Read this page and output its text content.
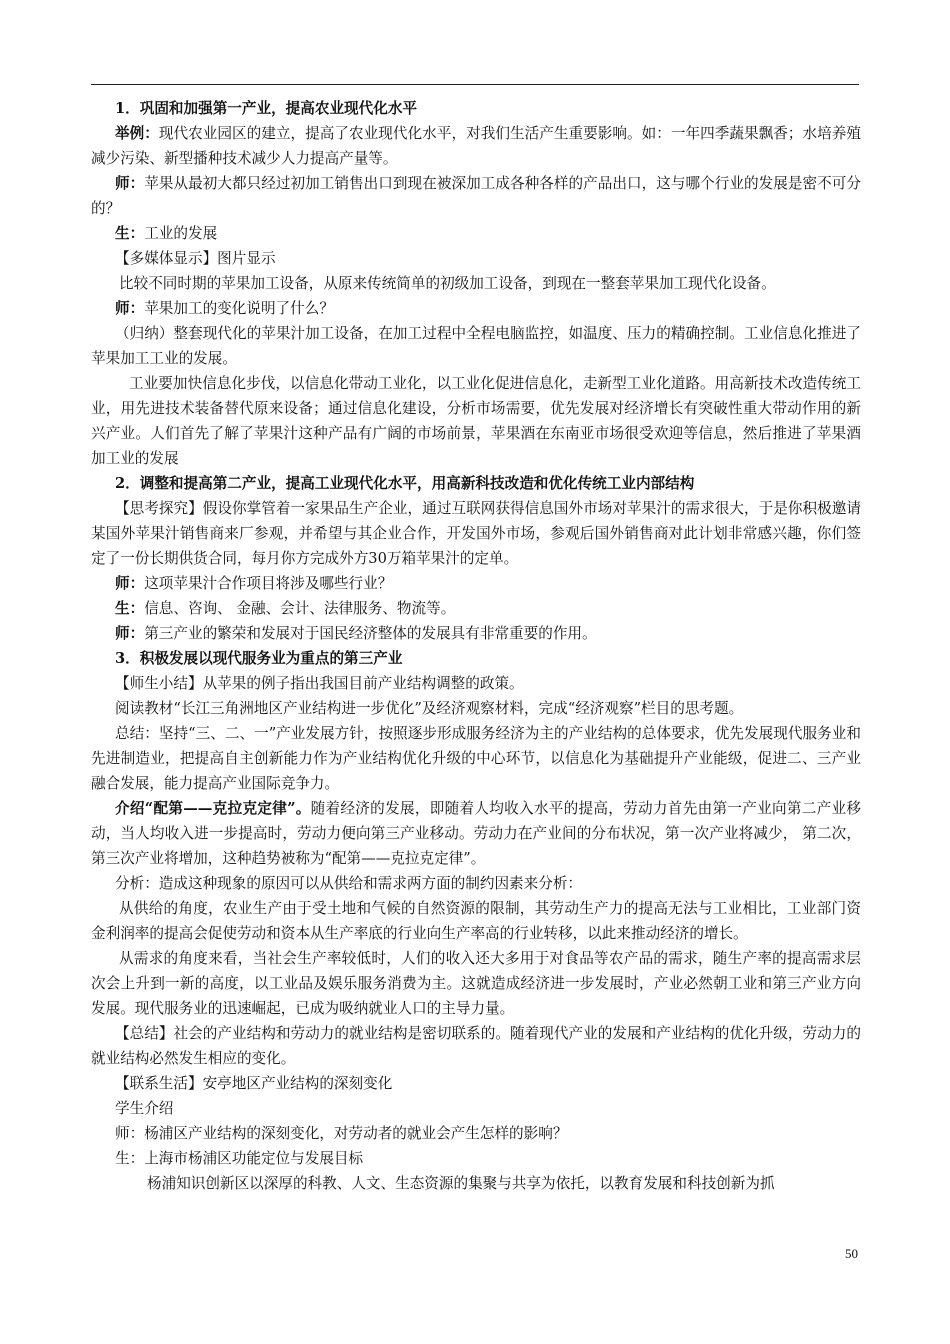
1．巩固和加强第一产业，提高农业现代化水平

举例：现代农业园区的建立，提高了农业现代化水平，对我们生活产生重要影响。如：一年四季蔬果飘香；水培养殖减少污染、新型播种技术减少人力提高产量等。

师：苹果从最初大都只经过初加工销售出口到现在被深加工成各种各样的产品出口，这与哪个行业的发展是密不可分的？

生：工业的发展

【多媒体显示】图片显示

比较不同时期的苹果加工设备，从原来传统简单的初级加工设备，到现在一整套苹果加工现代化设备。

师：苹果加工的变化说明了什么？

（归纳）整套现代化的苹果汁加工设备，在加工过程中全程电脑监控，如温度、压力的精确控制。工业信息化推进了苹果加工工业的发展。

工业要加快信息化步伐，以信息化带动工业化，以工业化促进信息化，走新型工业化道路。用高新技术改造传统工业，用先进技术装备替代原来设备；通过信息化建设，分析市场需要，优先发展对经济增长有突破性重大带动作用的新兴产业。人们首先了解了苹果汁这种产品有广阔的市场前景，苹果酒在东南亚市场很受欢迎等信息，然后推进了苹果酒加工业的发展

2．调整和提高第二产业，提高工业现代化水平，用高新科技改造和优化传统工业内部结构

【思考探究】假设你掌管着一家果品生产企业，通过互联网获得信息国外市场对苹果汁的需求很大，于是你积极邀请某国外苹果汁销售商来厂参观，并希望与其企业合作，开发国外市场，参观后国外销售商对此计划非常感兴趣，你们签定了一份长期供货合同，每月你方完成外方30万箱苹果汁的定单。

师：这项苹果汁合作项目将涉及哪些行业？

生：信息、咨询、 金融、会计、法律服务、物流等。

师：第三产业的繁荣和发展对于国民经济整体的发展具有非常重要的作用。

3．积极发展以现代服务业为重点的第三产业

【师生小结】从苹果的例子指出我国目前产业结构调整的政策。

阅读教材“长江三角洲地区产业结构进一步优化”及经济观察材料，完成“经济观察”栏目的思考题。

总结：坚持“三、二、一”产业发展方针，按照逐步形成服务经济为主的产业结构的总体要求，优先发展现代服务业和先进制造业，把提高自主创新能力作为产业结构优化升级的中心环节，以信息化为基础提升产业能级，促进二、三产业融合发展，能力提高产业国际竞争力。

介绍“配第——克拉克定律”。随着经济的发展，即随着人均收入水平的提高，劳动力首先由第一产业向第二产业移动，当人均收入进一步提高时，劳动力便向第三产业移动。劳动力在产业间的分布状况，第一次产业将减少， 第二次，第三次产业将增加，这种趋势被称为“配第——克拉克定律”。

分析：造成这种现象的原因可以从供给和需求两方面的制约因素来分析：

从供给的角度，农业生产由于受土地和气候的自然资源的限制，其劳动生产力的提高无法与工业相比，工业部门资金利润率的提高会促使劳动和资本从生产率底的行业向生产率高的行业转移，以此来推动经济的增长。

从需求的角度来看，当社会生产率较低时，人们的收入还大多用于对食品等农产品的需求，随生产率的提高需求层次会上升到一新的高度，以工业品及娱乐服务消费为主。这就造成经济进一步发展时，产业必然朝工业和第三产业方向发展。现代服务业的迅速崛起，已成为吸纳就业人口的主导力量。

【总结】社会的产业结构和劳动力的就业结构是密切联系的。随着现代产业的发展和产业结构的优化升级，劳动力的就业结构必然发生相应的变化。

【联系生活】安亭地区产业结构的深刻变化

学生介绍

师：杨浦区产业结构的深刻变化，对劳动者的就业会产生怎样的影响？

生：上海市杨浦区功能定位与发展目标

杨浦知识创新区以深厚的科教、人文、生态资源的集聚与共享为依托，以教育发展和科技创新为抓

50
